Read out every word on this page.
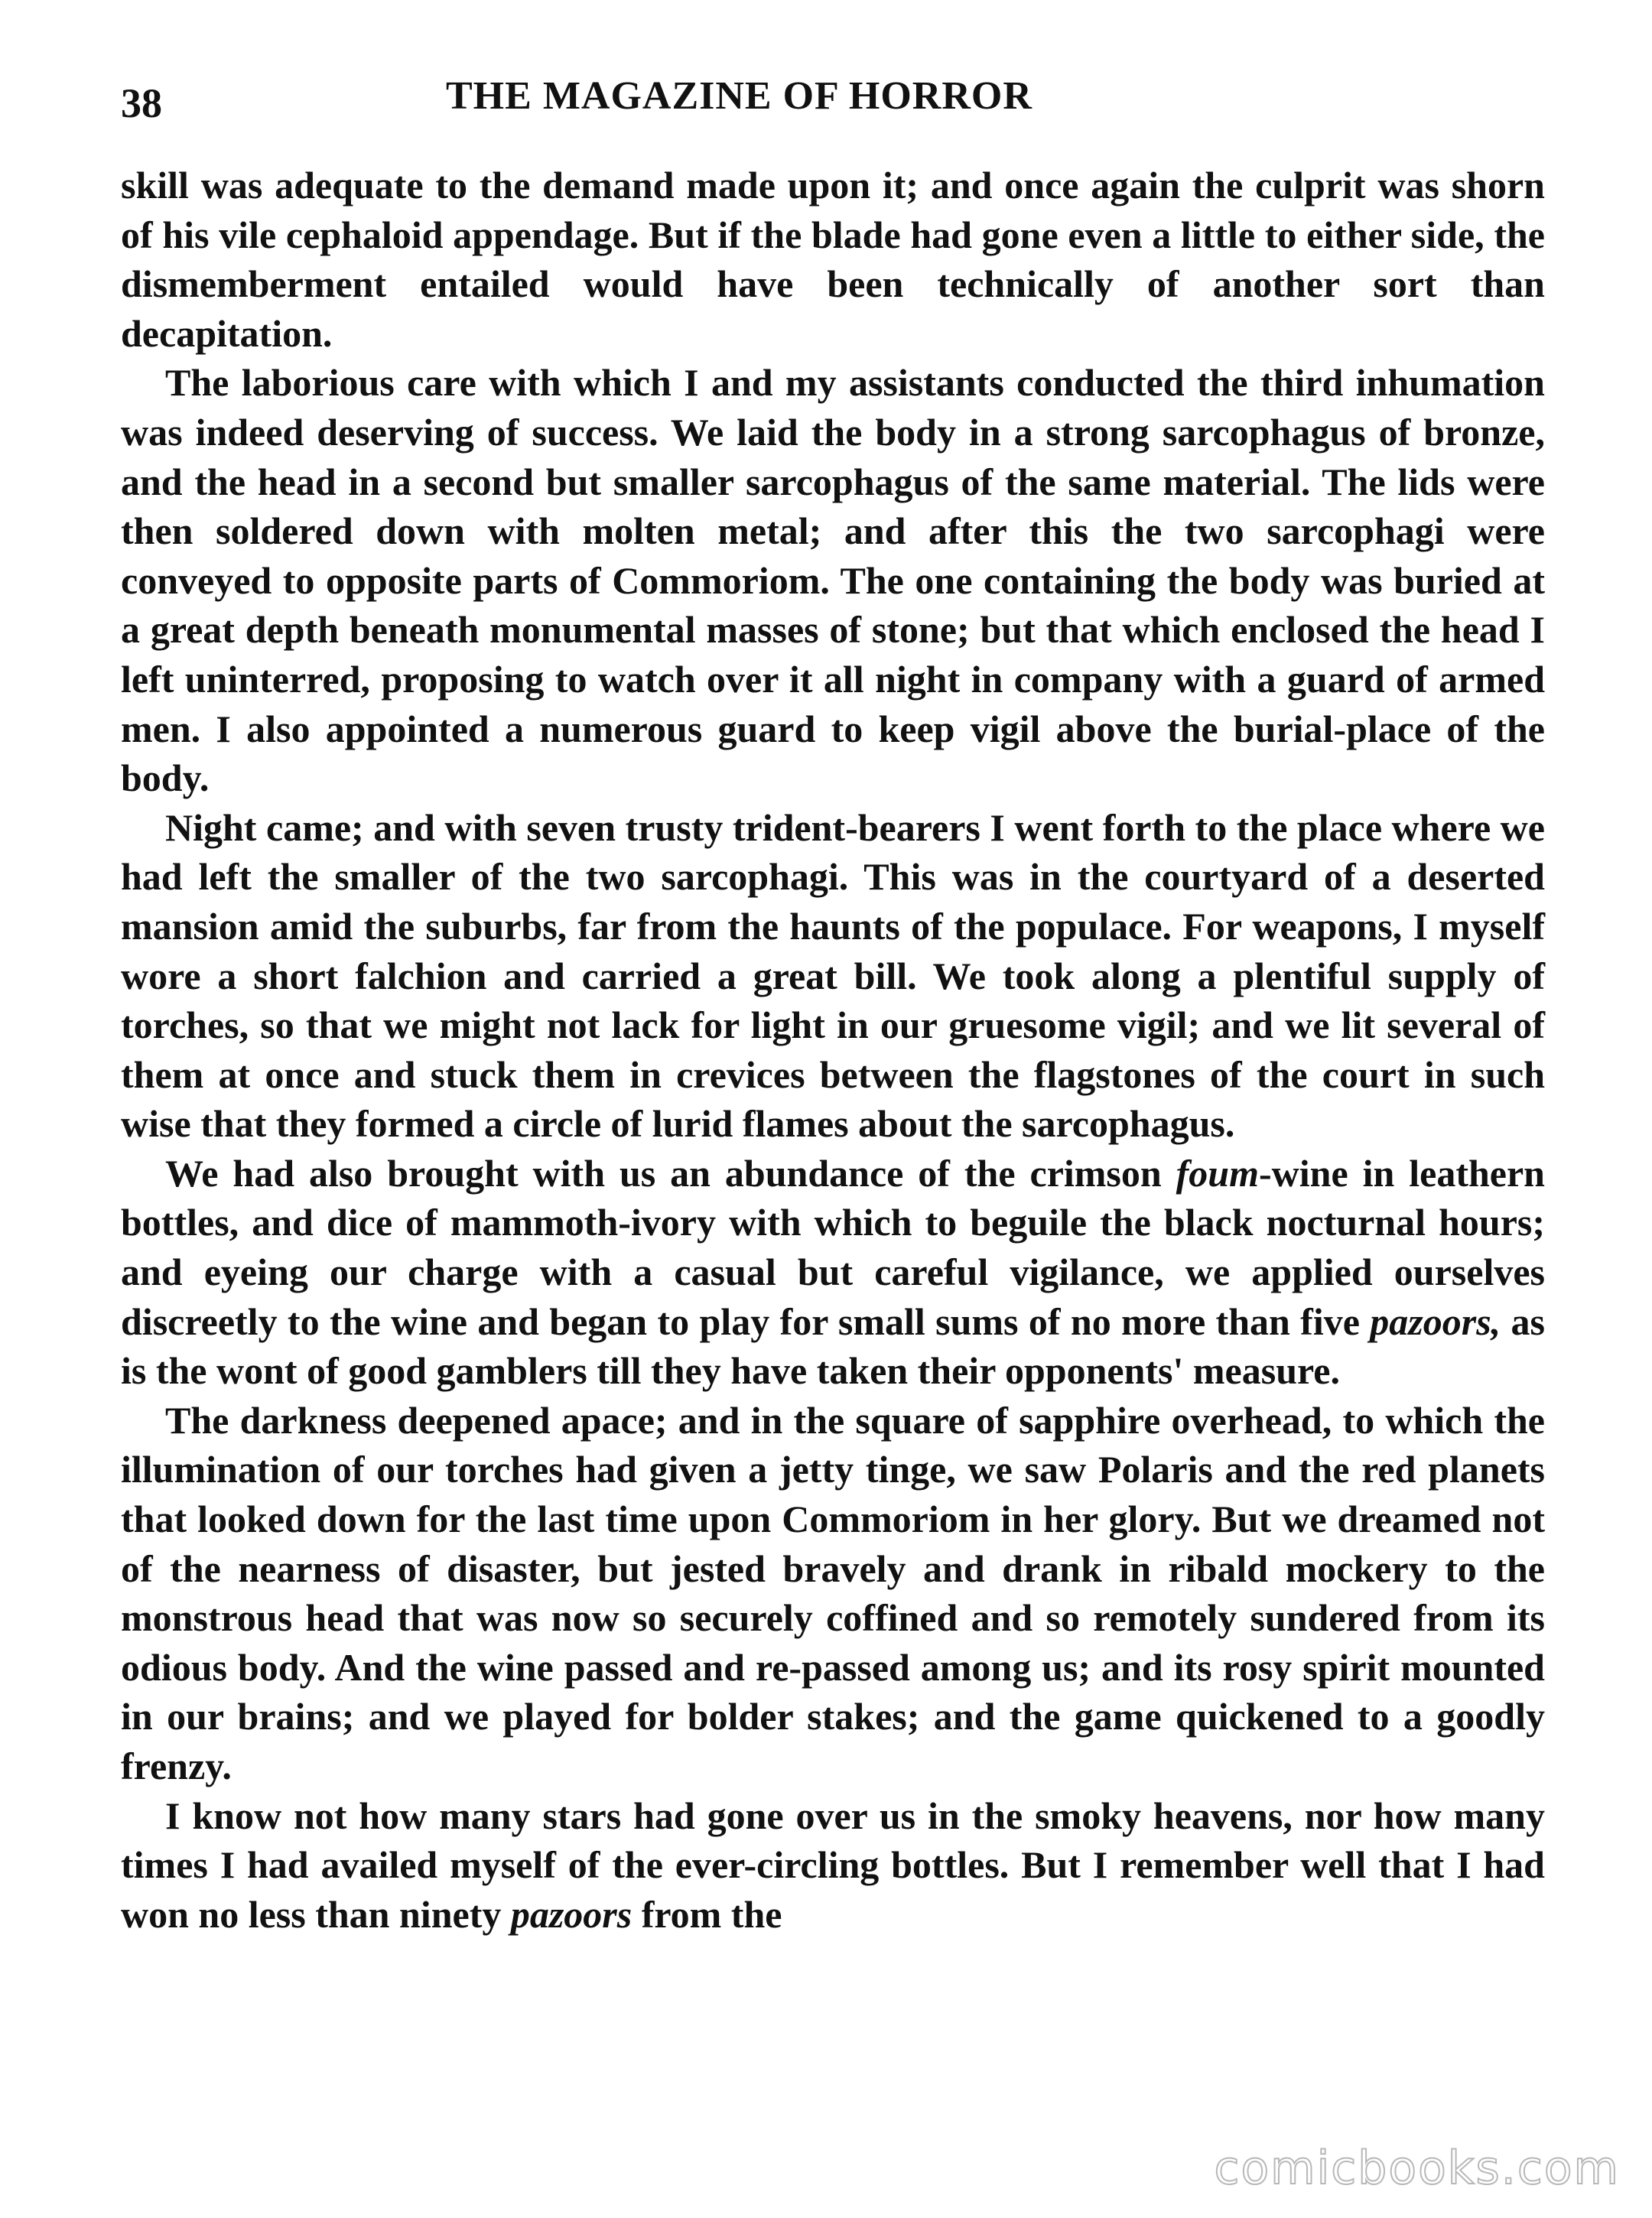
38	THE MAGAZINE OF HORROR

skill was adequate to the demand made upon it; and once again the culprit was shorn of his vile cephaloid appendage. But if the blade had gone even a little to either side, the dismemberment entailed would have been technically of another sort than decapitation.

The laborious care with which I and my assistants conducted the third inhumation was indeed deserving of success. We laid the body in a strong sarcophagus of bronze, and the head in a second but smaller sarcophagus of the same material. The lids were then soldered down with molten metal; and after this the two sarcophagi were conveyed to opposite parts of Commoriom. The one containing the body was buried at a great depth beneath monumental masses of stone; but that which enclosed the head I left uninterred, proposing to watch over it all night in company with a guard of armed men. I also appointed a numerous guard to keep vigil above the burial-place of the body.

Night came; and with seven trusty trident-bearers I went forth to the place where we had left the smaller of the two sarcophagi. This was in the courtyard of a deserted mansion amid the suburbs, far from the haunts of the populace. For weapons, I myself wore a short falchion and carried a great bill. We took along a plentiful supply of torches, so that we might not lack for light in our gruesome vigil; and we lit several of them at once and stuck them in crevices between the flagstones of the court in such wise that they formed a circle of lurid flames about the sarcophagus.

We had also brought with us an abundance of the crimson foum-wine in leathern bottles, and dice of mammoth-ivory with which to beguile the black nocturnal hours; and eyeing our charge with a casual but careful vigilance, we applied ourselves discreetly to the wine and began to play for small sums of no more than five pazoors, as is the wont of good gamblers till they have taken their opponents' measure.

The darkness deepened apace; and in the square of sapphire overhead, to which the illumination of our torches had given a jetty tinge, we saw Polaris and the red planets that looked down for the last time upon Commoriom in her glory. But we dreamed not of the nearness of disaster, but jested bravely and drank in ribald mockery to the monstrous head that was now so securely coffined and so remotely sundered from its odious body. And the wine passed and re-passed among us; and its rosy spirit mounted in our brains; and we played for bolder stakes; and the game quickened to a goodly frenzy.

I know not how many stars had gone over us in the smoky heavens, nor how many times I had availed myself of the ever-circling bottles. But I remember well that I had won no less than ninety pazoors from the

comicbooks.com
